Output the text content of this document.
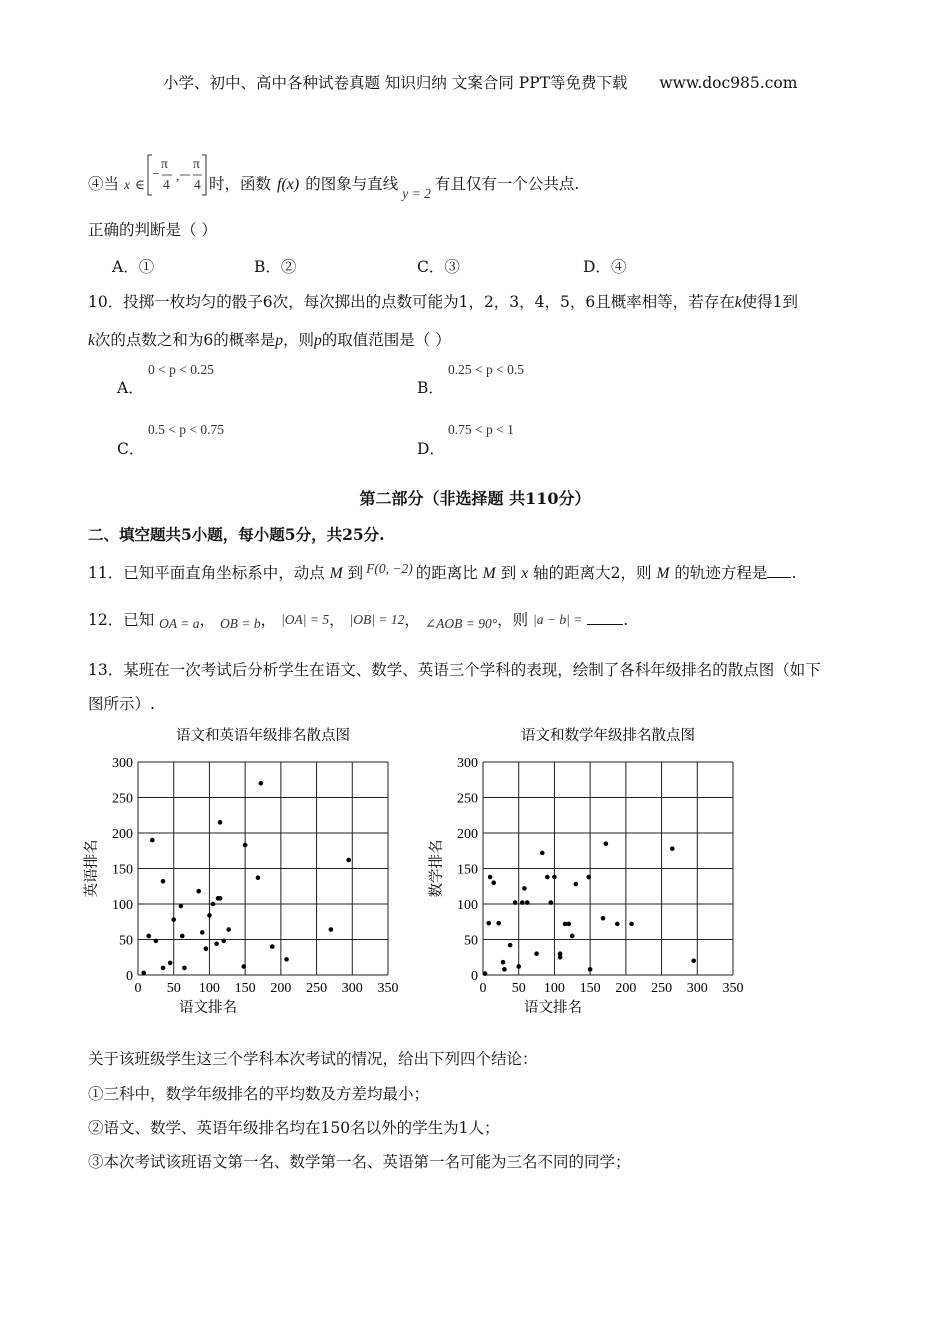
小学、初中、高中各种试卷真题 知识归纳 文案合同 PPT等免费下载 www.doc985.com
④当 x ∈
−
π
4
,
π
4 时，函数 f(x) 的图象与直线y = 2有且仅有一个公共点.
正确的判断是（ ）
A．①	B．②	C．③	D．④
10．投掷一枚均匀的骰子6次，每次掷出的点数可能为1，2，3，4，5，6且概率相等，若存在k使得1到
k次的点数之和为6的概率是p，则p的取值范围是（ ）
A．
0 < p < 0.25
B．
0.25 < p < 0.5
C．
0.5 < p < 0.75
D．
0.75 < p < 1
第二部分（非选择题 共110分）
二、填空题共5小题，每小题5分，共25分.
11．已知平面直角坐标系中，动点 M 到 F(0, −2) 的距离比 M 到 x 轴的距离大2，则 M 的轨迹方程是 .
12．已知 OA = a， OB = b， |OA| = 5， |OB| = 12， ∠AOB = 90°，则 |a − b| =	.
13．某班在一次考试后分析学生在语文、数学、英语三个学科的表现，绘制了各科年级排名的散点图（如下
图所示）.
语文和英语年级排名散点图
0 50 100 150 200 250 300 350
0
50
100
150
200
250
300
语文排名
英语排名
语文和数学年级排名散点图
0 50 100 150 200 250 300 350
0
50
100
150
200
250
300
语文排名
数学排名
关于该班级学生这三个学科本次考试的情况，给出下列四个结论：
①三科中，数学年级排名的平均数及方差均最小；
②语文、数学、英语年级排名均在150名以外的学生为1人；
③本次考试该班语文第一名、数学第一名、英语第一名可能为三名不同的同学；
